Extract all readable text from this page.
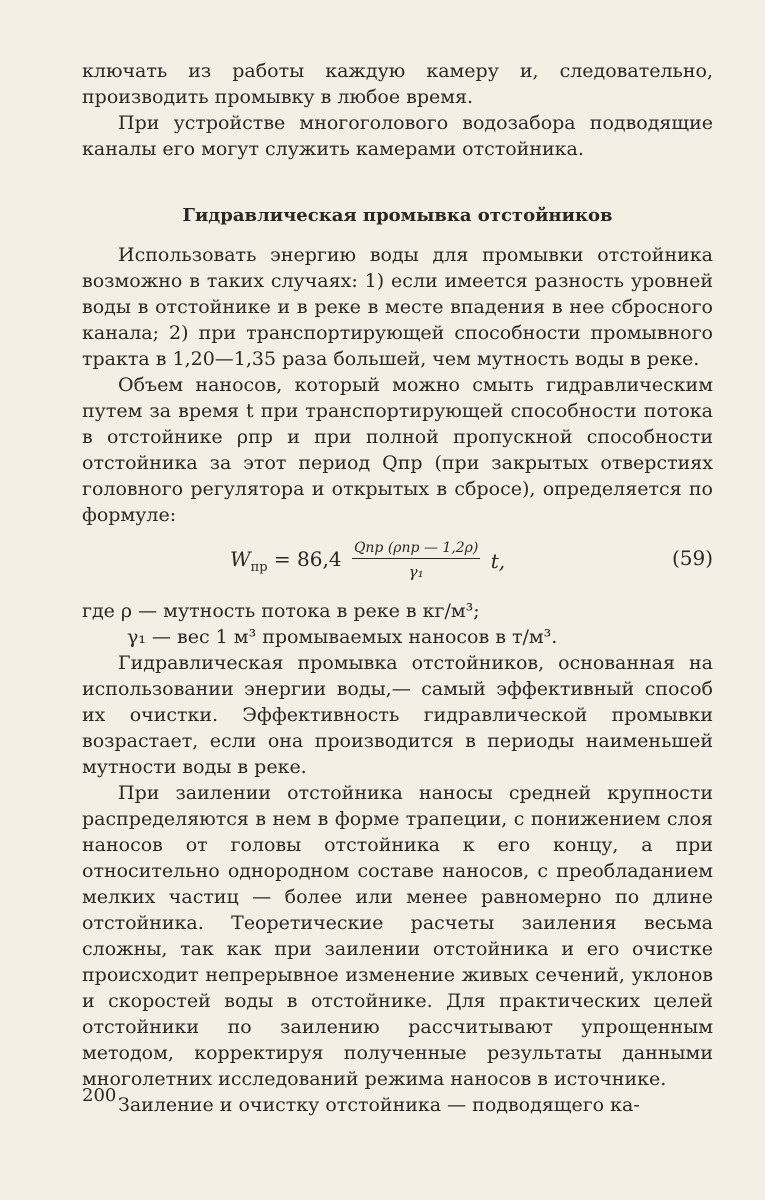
ключать из работы каждую камеру и, следовательно, производить промывку в любое время.

При устройстве многоголового водозабора подводящие каналы его могут служить камерами отстойника.

Гидравлическая промывка отстойников

Использовать энергию воды для промывки отстойника возможно в таких случаях: 1) если имеется разность уровней воды в отстойнике и в реке в месте впадения в нее сбросного канала; 2) при транспортирующей способности промывного тракта в 1,20—1,35 раза большей, чем мутность воды в реке.

Объем наносов, который можно смыть гидравлическим путем за время t при транспортирующей способности потока в отстойнике ρпр и при полной пропускной способности отстойника за этот период Qпр (при закрытых отверстиях головного регулятора и открытых в сбросе), определяется по формуле:

$W_{пр} = 86,4 \frac{\text{Qпр (ρпр — 1,2ρ)}}{\text{γ₁}} t$,	(59)

где ρ — мутность потока в реке в кг/м³;

γ₁ — вес 1 м³ промываемых наносов в т/м³.

Гидравлическая промывка отстойников, основанная на использовании энергии воды,— самый эффективный способ их очистки. Эффективность гидравлической промывки возрастает, если она производится в периоды наименьшей мутности воды в реке.

При заилении отстойника наносы средней крупности распределяются в нем в форме трапеции, с понижением слоя наносов от головы отстойника к его концу, а при относительно однородном составе наносов, с преобладанием мелких частиц — более или менее равномерно по длине отстойника. Теоретические расчеты заиления весьма сложны, так как при заилении отстойника и его очистке происходит непрерывное изменение живых сечений, уклонов и скоростей воды в отстойнике. Для практических целей отстойники по заилению рассчитывают упрощенным методом, корректируя полученные результаты данными многолетних исследований режима наносов в источнике.

Заиление и очистку отстойника — подводящего ка-

200
